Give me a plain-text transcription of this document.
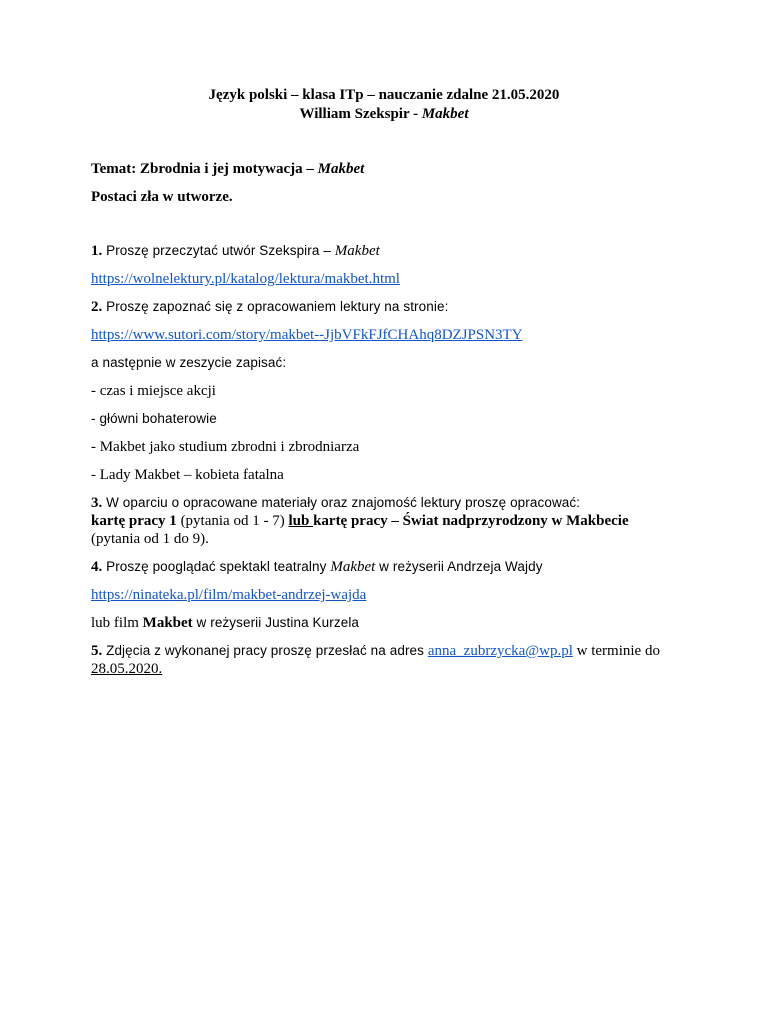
Język polski – klasa ITp – nauczanie zdalne 21.05.2020
William Szekspir - Makbet
Temat: Zbrodnia i jej motywacja – Makbet
Postaci zła w utworze.
1. Proszę przeczytać utwór Szekspira – Makbet
https://wolnelektury.pl/katalog/lektura/makbet.html
2. Proszę zapoznać się z opracowaniem lektury na stronie:
https://www.sutori.com/story/makbet--JjbVFkFJfCHAhq8DZJPSN3TY
a następnie w zeszycie zapisać:
- czas i miejsce akcji
- główni bohaterowie
- Makbet jako studium zbrodni i zbrodniarza
- Lady Makbet – kobieta fatalna
3. W oparciu o opracowane materiały oraz znajomość lektury proszę opracować:
kartę pracy 1 (pytania od 1 - 7) lub kartę pracy – Świat nadprzyrodzony w Makbecie
(pytania od 1 do 9).
4. Proszę pooglądać spektakl teatralny Makbet w reżyserii Andrzeja Wajdy
https://ninateka.pl/film/makbet-andrzej-wajda
lub film Makbet w reżyserii Justina Kurzela
5. Zdjęcia z wykonanej pracy proszę przesłać na adres anna_zubrzycka@wp.pl w terminie do
28.05.2020.
